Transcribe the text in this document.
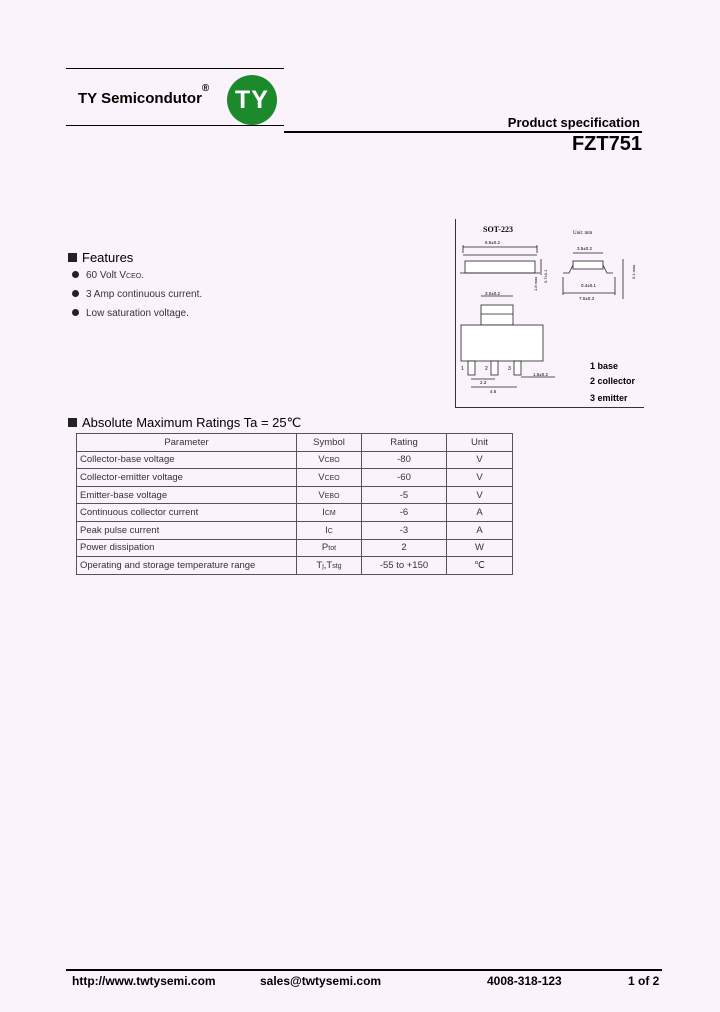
TY Semicondutor® TY
Product specification
FZT751
Features
60 Volt VCEO.
3 Amp continuous current.
Low saturation voltage.
SOT-223	Unit: mm
6.5±0.2
1.8 max
0.7±0.1
3.5±0.2
0.4±0.1
7.0±0.3
0.1 max
3.0±0.2
1	2	3
2.3
4.6
1.6±0.2
1 base
2 collector
3 emitter
Absolute Maximum Ratings Ta = 25℃
Parameter	Symbol	Rating	Unit
Collector-base voltage	VCBO	-80	V
Collector-emitter voltage	VCEO	-60	V
Emitter-base voltage	VEBO	-5	V
Continuous collector current	ICM	-6	A
Peak pulse current	IC	-3	A
Power dissipation	Ptot	2	W
Operating and storage temperature range	Tj,Tstg	-55 to +150	℃
http://www.twtysemi.com	sales@twtysemi.com	4008-318-123	1 of 2
